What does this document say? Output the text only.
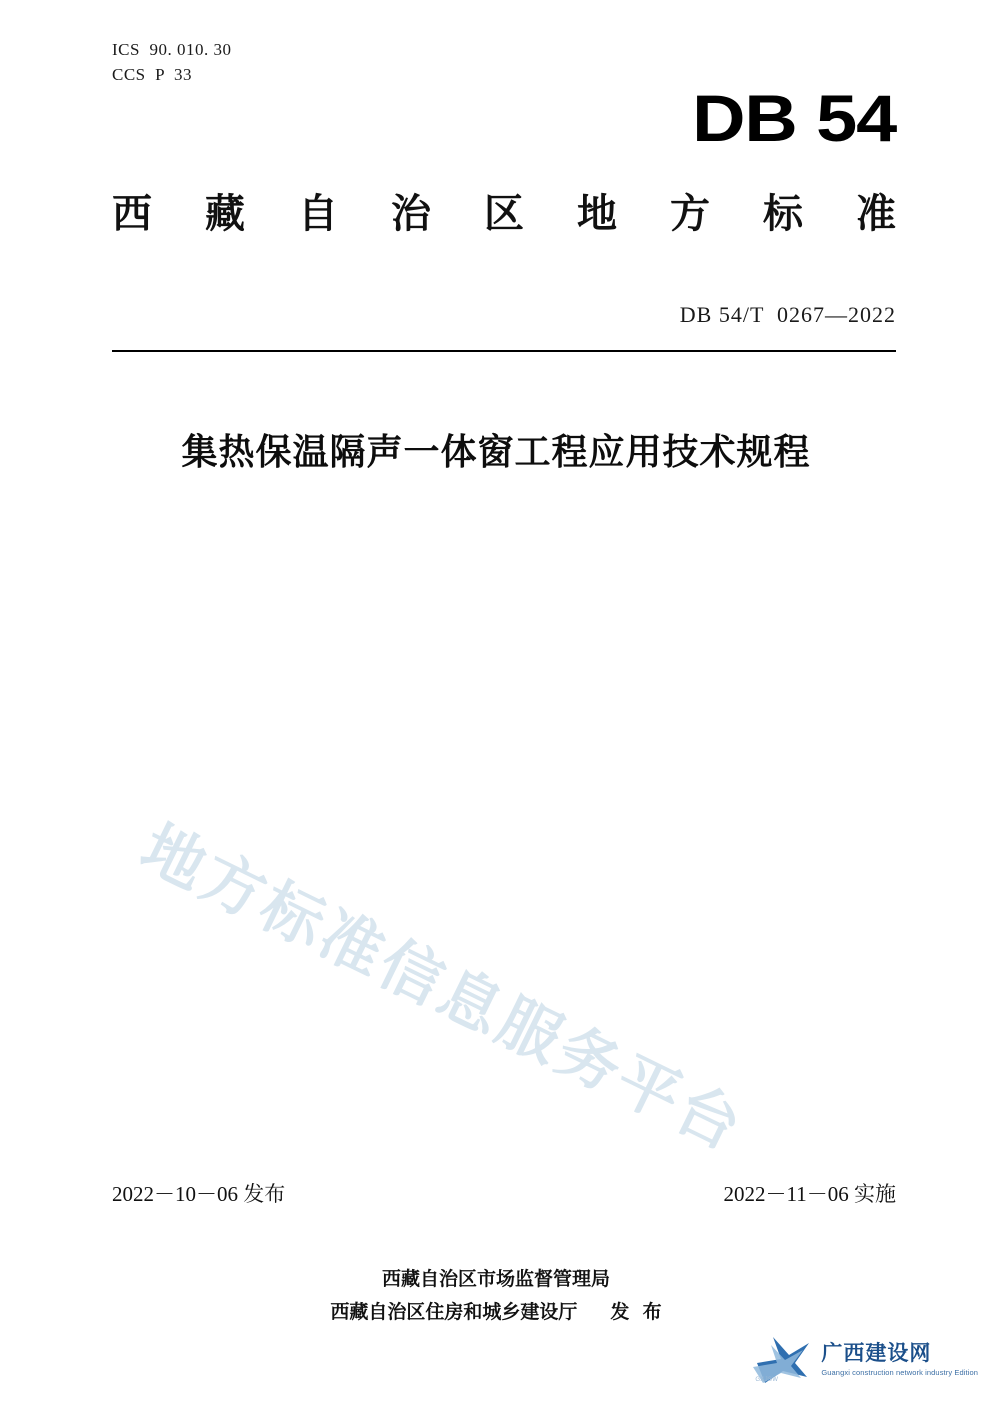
ICS  90. 010. 30
CCS  P  33
DB 54
西 藏 自 治 区 地 方 标 准
DB 54/T  0267—2022
集热保温隔声一体窗工程应用技术规程
地方标准信息服务平台
2022－10－06 发布	2022－11－06 实施
西藏自治区市场监督管理局
西藏自治区住房和城乡建设厅     发  布
GXJSW
广西建设网
Guangxi construction network industry Edition
